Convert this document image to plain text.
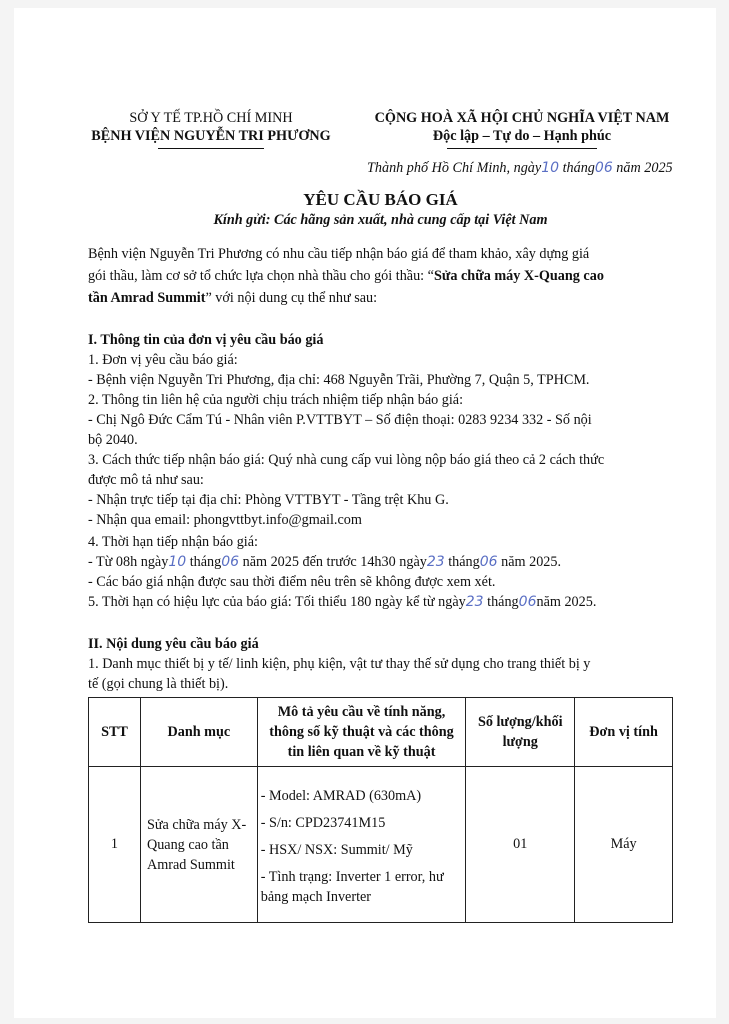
SỞ Y TẾ TP.HỒ CHÍ MINH
BỆNH VIỆN NGUYỄN TRI PHƯƠNG
CỘNG HOÀ XÃ HỘI CHỦ NGHĨA VIỆT NAM
Độc lập – Tự do – Hạnh phúc
Thành phố Hồ Chí Minh, ngày10 tháng06 năm 2025
YÊU CẦU BÁO GIÁ
Kính gửi: Các hãng sản xuất, nhà cung cấp tại Việt Nam
Bệnh viện Nguyễn Tri Phương có nhu cầu tiếp nhận báo giá để tham khảo, xây dựng giá
gói thầu, làm cơ sở tổ chức lựa chọn nhà thầu cho gói thầu: “Sửa chữa máy X-Quang cao
tần Amrad Summit” với nội dung cụ thể như sau:
I. Thông tin của đơn vị yêu cầu báo giá
1. Đơn vị yêu cầu báo giá:
- Bệnh viện Nguyễn Tri Phương, địa chỉ: 468 Nguyễn Trãi, Phường 7, Quận 5, TPHCM.
2. Thông tin liên hệ của người chịu trách nhiệm tiếp nhận báo giá:
- Chị Ngô Đức Cẩm Tú - Nhân viên P.VTTBYT – Số điện thoại: 0283 9234 332 - Số nội
bộ 2040.
3. Cách thức tiếp nhận báo giá: Quý nhà cung cấp vui lòng nộp báo giá theo cả 2 cách thức
được mô tả như sau:
- Nhận trực tiếp tại địa chỉ: Phòng VTTBYT - Tầng trệt Khu G.
- Nhận qua email: phongvttbyt.info@gmail.com
4. Thời hạn tiếp nhận báo giá:
- Từ 08h ngày10 tháng06 năm 2025 đến trước 14h30 ngày23 tháng06 năm 2025.
- Các báo giá nhận được sau thời điểm nêu trên sẽ không được xem xét.
5. Thời hạn có hiệu lực của báo giá: Tối thiểu 180 ngày kể từ ngày23 tháng06năm 2025.
II. Nội dung yêu cầu báo giá
1. Danh mục thiết bị y tế/ linh kiện, phụ kiện, vật tư thay thế sử dụng cho trang thiết bị y
tế (gọi chung là thiết bị).
STT	Danh mục	Mô tả yêu cầu về tính năng, thông số kỹ thuật và các thông tin liên quan về kỹ thuật	Số lượng/khối lượng	Đơn vị tính
1	Sửa chữa máy X-Quang cao tần Amrad Summit	- Model: AMRAD (630mA)
- S/n: CPD23741M15
- HSX/ NSX: Summit/ Mỹ
- Tình trạng: Inverter 1 error, hư bảng mạch Inverter	01	Máy
